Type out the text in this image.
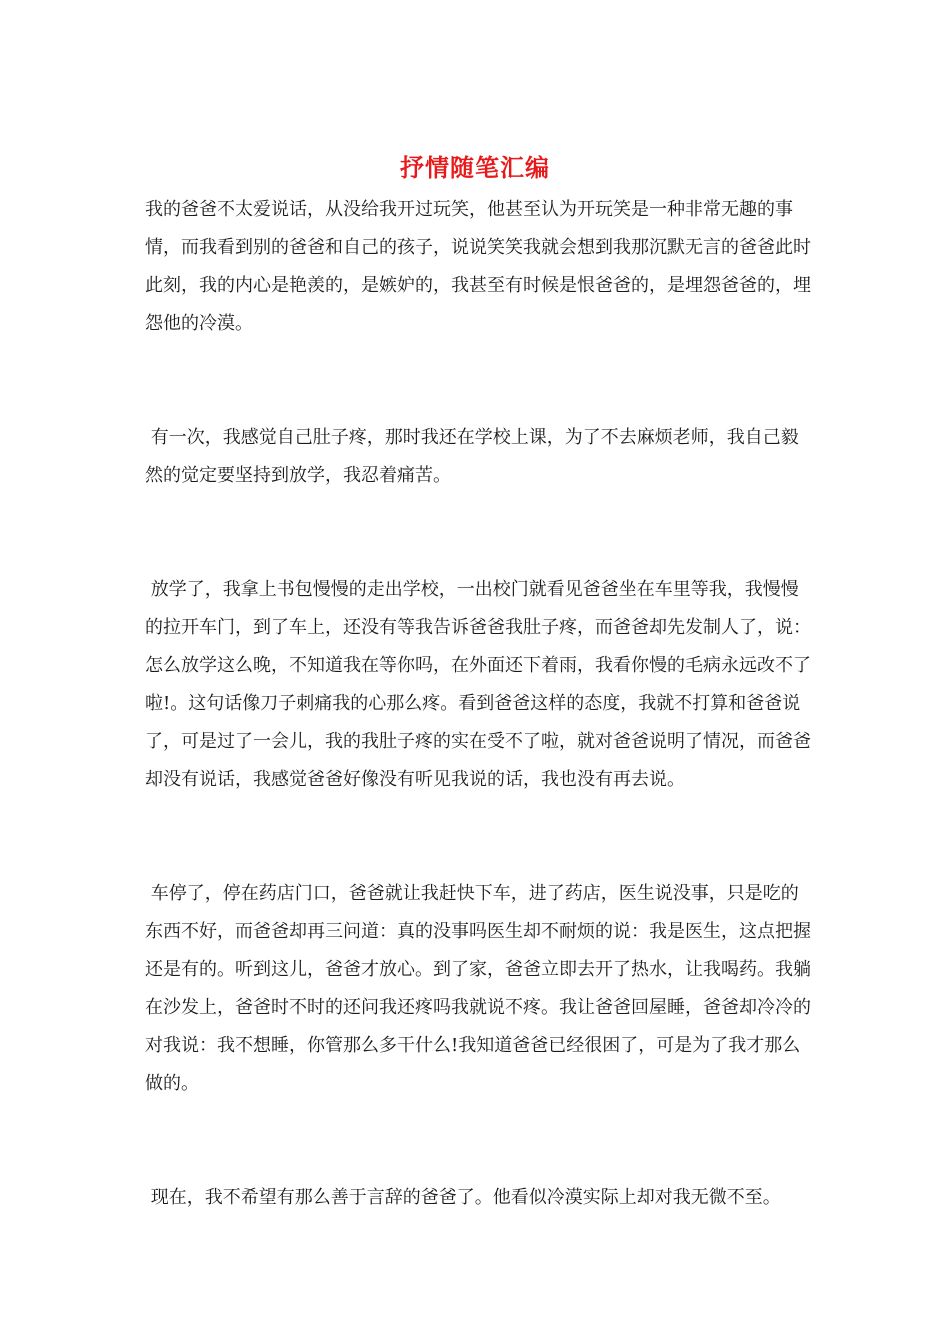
抒情随笔汇编

我的爸爸不太爱说话，从没给我开过玩笑，他甚至认为开玩笑是一种非常无趣的事情，而我看到别的爸爸和自己的孩子，说说笑笑我就会想到我那沉默无言的爸爸此时此刻，我的内心是艳羡的，是嫉妒的，我甚至有时候是恨爸爸的，是埋怨爸爸的，埋怨他的冷漠。

有一次，我感觉自己肚子疼，那时我还在学校上课，为了不去麻烦老师，我自己毅然的觉定要坚持到放学，我忍着痛苦。

放学了，我拿上书包慢慢的走出学校，一出校门就看见爸爸坐在车里等我，我慢慢的拉开车门，到了车上，还没有等我告诉爸爸我肚子疼，而爸爸却先发制人了，说：怎么放学这么晚，不知道我在等你吗，在外面还下着雨，我看你慢的毛病永远改不了啦!。这句话像刀子刺痛我的心那么疼。看到爸爸这样的态度，我就不打算和爸爸说了，可是过了一会儿，我的我肚子疼的实在受不了啦，就对爸爸说明了情况，而爸爸却没有说话，我感觉爸爸好像没有听见我说的话，我也没有再去说。

车停了，停在药店门口，爸爸就让我赶快下车，进了药店，医生说没事，只是吃的东西不好，而爸爸却再三问道：真的没事吗医生却不耐烦的说：我是医生，这点把握还是有的。听到这儿，爸爸才放心。到了家，爸爸立即去开了热水，让我喝药。我躺在沙发上，爸爸时不时的还问我还疼吗我就说不疼。我让爸爸回屋睡，爸爸却冷冷的对我说：我不想睡，你管那么多干什么!我知道爸爸已经很困了，可是为了我才那么做的。

现在，我不希望有那么善于言辞的爸爸了。他看似冷漠实际上却对我无微不至。
